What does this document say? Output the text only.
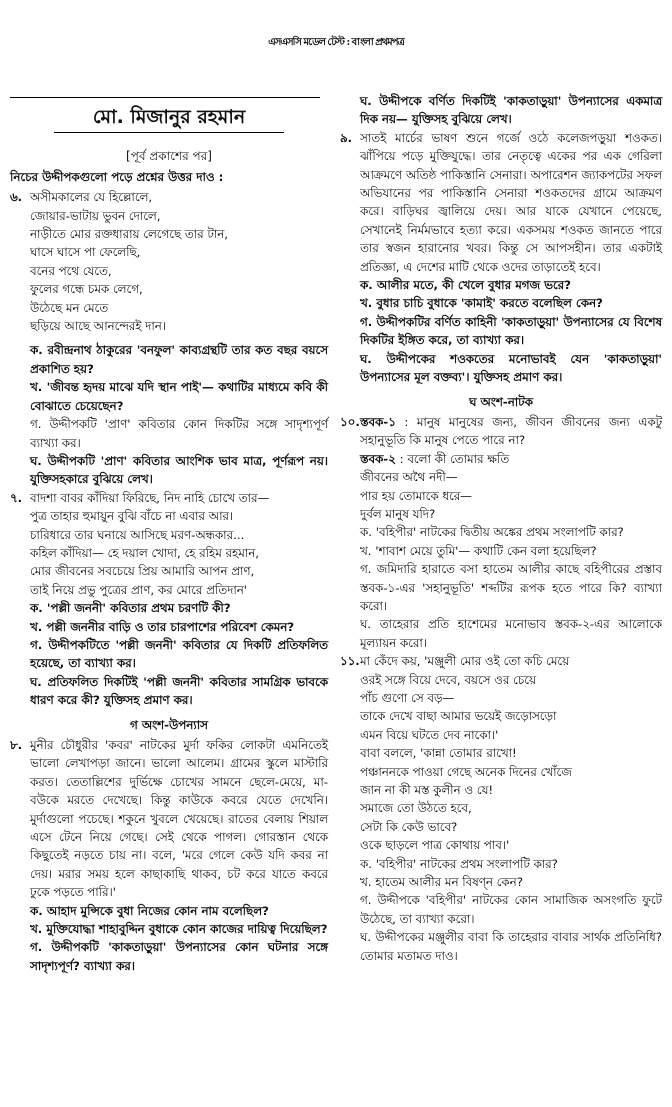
এসএসসি মডেল টেস্ট : বাংলা প্রথমপত্র
মো. মিজানুর রহমান
[পূর্ব প্রকাশের পর]
নিচের উদ্দীপকগুলো পড়ে প্রশ্নের উত্তর দাও :
৬. অসীমকালের যে হিল্লোলে,
জোয়ার-ভাটায় ভুবন দোলে,
নাড়ীতে মোর রক্তধারায় লেগেছে তার টান,
ঘাসে ঘাসে পা ফেলেছি,
বনের পথে যেতে,
ফুলের গন্ধে চমক লেগে,
উঠেছে মন মেতে
ছড়িয়ে আছে আনন্দেরই দান।

ক. রবীন্দ্রনাথ ঠাকুরের 'বনফুল' কাব্যগ্রন্থটি তার কত বছর বয়সে প্রকাশিত হয়?

খ. 'জীবন্ত হৃদয় মাঝে যদি স্থান পাই'— কথাটির মাধ্যমে কবি কী বোঝাতে চেয়েছেন?

গ. উদ্দীপকটি 'প্রাণ' কবিতার কোন দিকটির সঙ্গে সাদৃশ্যপূর্ণ ব্যাখ্যা কর।

ঘ. উদ্দীপকটি 'প্রাণ' কবিতার আংশিক ভাব মাত্র, পূর্ণরূপ নয়। যুক্তিসহকারে বুঝিয়ে লেখ।

৭. বাদশা বাবর কাঁদিয়া ফিরিছে, নিদ নাহি চোখে তার—
পুত্র তাহার হুমায়ুন বুঝি বাঁচে না এবার আর।
চারিধারে তার ঘনায়ে আসিছে মরণ-অন্ধকার...
কহিল কাঁদিয়া— হে দয়াল খোদা, হে রহিম রহমান,
মোর জীবনের সবচেয়ে প্রিয় আমারি আপন প্রাণ,
তাই নিয়ে প্রভু পুত্রের প্রাণ, কর মোরে প্রতিদান'

ক. 'পল্লী জননী' কবিতার প্রথম চরণটি কী?

খ. পল্লী জননীর বাড়ি ও তার চারপাশের পরিবেশ কেমন?

গ. উদ্দীপকটিতে 'পল্লী জননী' কবিতার যে দিকটি প্রতিফলিত হয়েছে, তা ব্যাখ্যা কর।

ঘ. প্রতিফলিত দিকটিই 'পল্লী জননী' কবিতার সামগ্রিক ভাবকে ধারণ করে কী? যুক্তিসহ প্রমাণ কর।

গ অংশ-উপন্যাস
৮. মুনীর চৌধুরীর 'কবর' নাটকের মুর্দা ফকির লোকটা এমনিতেই ভালো লেখাপড়া জানে। ভালো আলেম। গ্রামের স্কুলে মাস্টারি করত। তেতাল্লিশের দুর্ভিক্ষে চোখের সামনে ছেলে-মেয়ে, মা-বউকে মরতে দেখেছে। কিন্তু কাউকে কবরে যেতে দেখেনি। মুর্দাগুলো পচেছে। শকুনে খুবলে খেয়েছে। রাতের বেলায় শিয়াল এসে টেনে নিয়ে গেছে। সেই থেকে পাগল। গোরস্তান থেকে কিছুতেই নড়তে চায় না। বলে, 'মরে গেলে কেউ যদি কবর না দেয়। মরার সময় হলে কাছাকাছি থাকব, চট করে যাতে কবরে ঢুকে পড়তে পারি।'

ক. আহাদ মুন্সিকে বুধা নিজের কোন নাম বলেছিল?

খ. মুক্তিযোদ্ধা শাহাবুদ্দিন বুধাকে কোন কাজের দায়িত্ব দিয়েছিল?

গ. উদ্দীপকটি 'কাকতাড়ুয়া' উপন্যাসের কোন ঘটনার সঙ্গে সাদৃশ্যপূর্ণ? ব্যাখ্যা কর।

ঘ. উদ্দীপকে বর্ণিত দিকটিই 'কাকতাড়ুয়া' উপন্যাসের একমাত্র দিক নয়— যুক্তিসহ বুঝিয়ে লেখ।

৯. সাতই মার্চের ভাষণ শুনে গর্জে ওঠে কলেজপড়ুয়া শওকত। ঝাঁপিয়ে পড়ে মুক্তিযুদ্ধে। তার নেতৃত্বে একের পর এক গেরিলা আক্রমণে অতিষ্ঠ পাকিস্তানি সেনারা। অপারেশন জ্যাকপটের সফল অভিযানের পর পাকিস্তানি সেনারা শওকতদের গ্রামে আক্রমণ করে। বাড়িঘর জ্বালিয়ে দেয়। আর যাকে যেখানে পেয়েছে, সেখানেই নির্মমভাবে হত্যা করে। একসময় শওকত জানতে পারে তার স্বজন হারানোর খবর। কিন্তু সে আপসহীন। তার একটাই প্রতিজ্ঞা, এ দেশের মাটি থেকে ওদের তাড়াতেই হবে।

ক. আলীর মতে, কী খেলে বুধার মগজ ভরে?

খ. বুধার চাচি বুধাকে 'কামাই' করতে বলেছিল কেন?

গ. উদ্দীপকটির বর্ণিত কাহিনী 'কাকতাড়ুয়া' উপন্যাসের যে বিশেষ দিকটির ইঙ্গিত করে, তা ব্যাখ্যা কর।

ঘ. উদ্দীপকের শওকতের মনোভাবই যেন 'কাকতাড়ুয়া' উপন্যাসের মূল বক্তব্য'। যুক্তিসহ প্রমাণ কর।

ঘ অংশ-নাটক
১০. স্তবক-১ : মানুষ মানুষের জন্য, জীবন জীবনের জন্য একটু সহানুভূতি কি মানুষ পেতে পারে না?

স্তবক-২ : বলো কী তোমার ক্ষতি

জীবনের অথৈ নদী—
পার হয় তোমাকে ধরে—
দুর্বল মানুষ যদি?

ক. 'বহিপীর' নাটকের দ্বিতীয় অঙ্কের প্রথম সংলাপটি কার?

খ. 'শাবাশ মেয়ে তুমি'— কথাটি কেন বলা হয়েছিল?

গ. জমিদারি হারাতে বসা হাতেম আলীর কাছে বহিপীরের প্রস্তাব স্তবক-১-এর 'সহানুভূতি' শব্দটির রূপক হতে পারে কি? ব্যাখ্যা করো।

ঘ. তাহেরার প্রতি হাশেমের মনোভাব স্তবক-২-এর আলোকে মূল্যায়ন করো।

১১. মা কেঁদে কয়, 'মঞ্জুলী মোর ওই তো কচি মেয়ে
ওরই সঙ্গে বিয়ে দেবে, বয়সে ওর চেয়ে
পাঁচ গুণো সে বড়—
তাকে দেখে বাছা আমার ভয়েই জড়োসড়ো
এমন বিয়ে ঘটতে দেব নাকো।'
বাবা বললে, 'কান্না তোমার রাখো!
পঞ্চাননকে পাওয়া গেছে অনেক দিনের খোঁজে
জান না কী মস্ত কুলীন ও যে!
সমাজে তো উঠতে হবে,
সেটা কি কেউ ভাবে?
ওকে ছাড়লে পাত্র কোথায় পাব।'

ক. 'বহিপীর' নাটকের প্রথম সংলাপটি কার?

খ. হাতেম আলীর মন বিষণ্ন কেন?

গ. উদ্দীপকে 'বহিপীর' নাটকের কোন সামাজিক অসংগতি ফুটে উঠেছে, তা ব্যাখ্যা করো।

ঘ. উদ্দীপকের মঞ্জুলীর বাবা কি তাহেরার বাবার সার্থক প্রতিনিধি? তোমার মতামত দাও।
